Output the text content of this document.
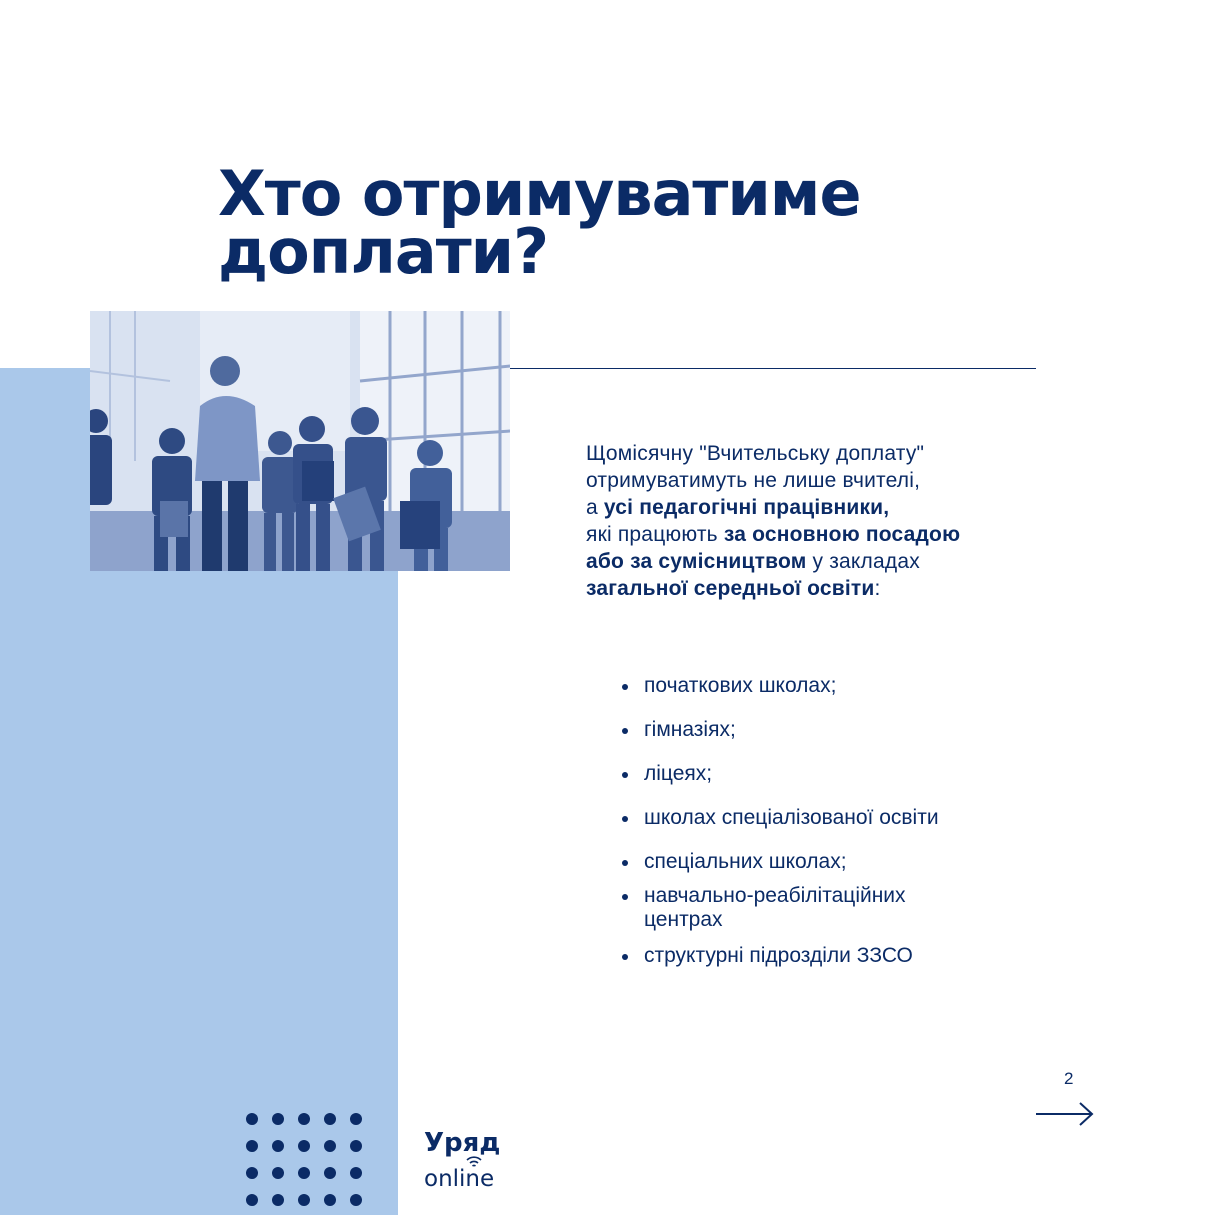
Хто отримуватиме
доплати?
Щомісячну "Вчительську доплату"
отримуватимуть не лише вчителі,
а усі педагогічні працівники,
які працюють за основною посадою
або за сумісництвом у закладах
загальної середньої освіти:
початкових школах;
гімназіях;
ліцеях;
школах спеціалізованої освіти
спеціальних школах;
навчально-реабілітаційних
центрах
структурні підрозділи ЗЗСО
2
Уряд
online
